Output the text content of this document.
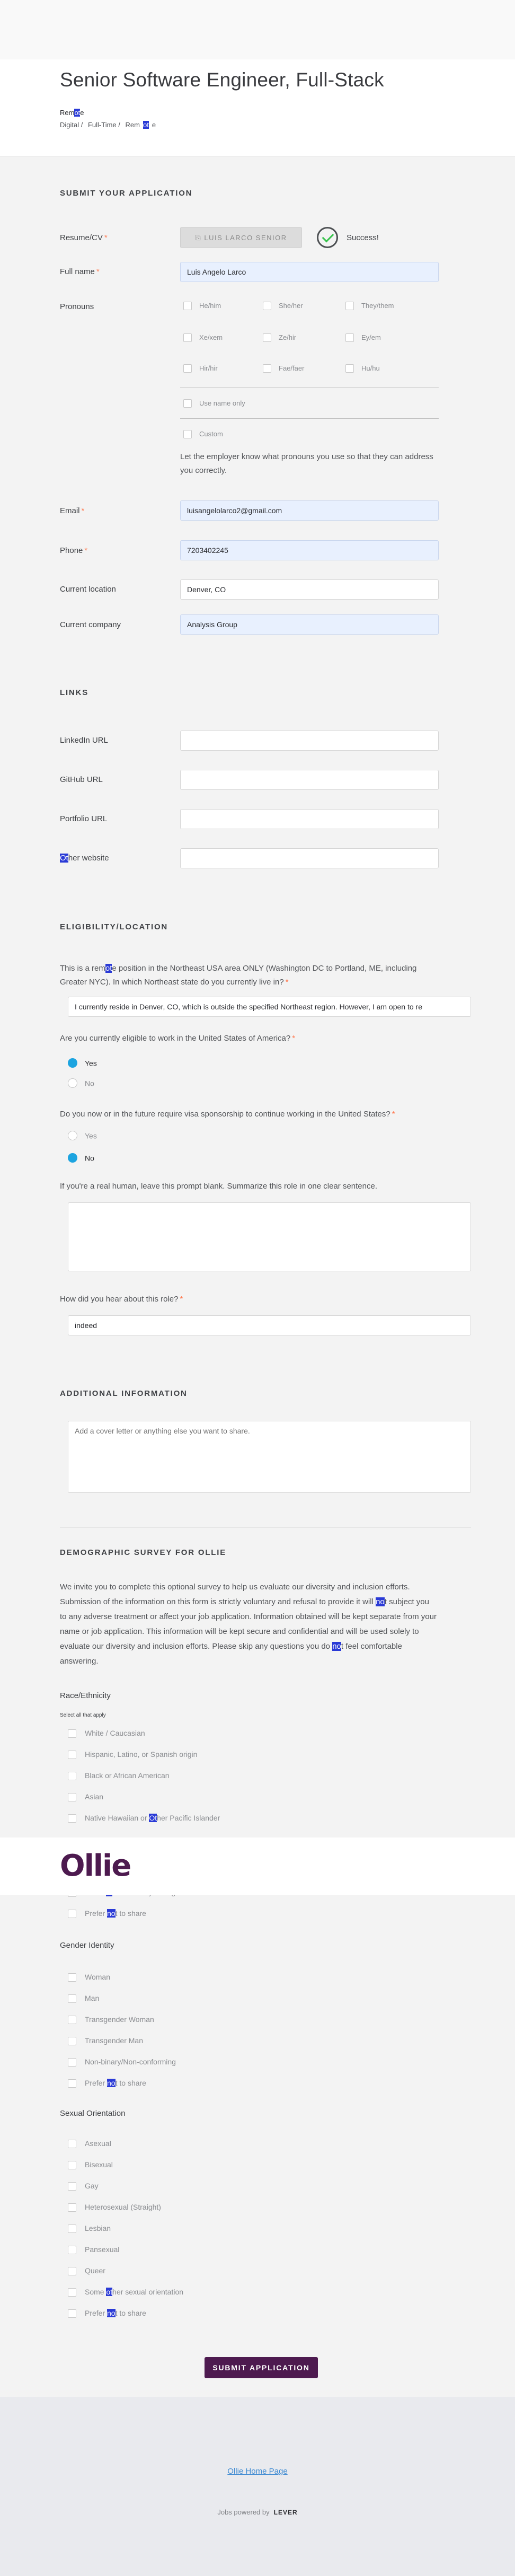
Senior Software Engineer, Full-Stack
Remote
Digital / Full-Time / Rem ot e
SUBMIT YOUR APPLICATION
Resume/CV *	⎘ LUIS LARCO SENIOR	Success!
Full name *
Luis Angelo Larco
Pronouns	He/him	She/her	They/them
Xe/xem	Ze/hir	Ey/em
Hir/hir	Fae/faer	Hu/hu
Use name only
Custom
Let the employer know what pronouns you use so that they can address you correctly.
Email *
luisangelolarco2@gmail.com
Phone *
7203402245
Current location
Denver, CO
Current company
Analysis Group
LINKS
LinkedIn URL
GitHub URL
Portfolio URL
Other website
ELIGIBILITY/LOCATION
This is a remote position in the Northeast USA area ONLY (Washington DC to Portland, ME, including
Greater NYC). In which Northeast state do you currently live in? *
I currently reside in Denver, CO, which is outside the specified Northeast region. However, I am open to re
Are you currently eligible to work in the United States of America? *
Yes
No
Do you now or in the future require visa sponsorship to continue working in the United States? *
Yes
No
If you're a real human, leave this prompt blank. Summarize this role in one clear sentence.
How did you hear about this role? *
indeed
ADDITIONAL INFORMATION
Add a cover letter or anything else you want to share.
DEMOGRAPHIC SURVEY FOR OLLIE
We invite you to complete this optional survey to help us evaluate our diversity and inclusion efforts.
Submission of the information on this form is strictly voluntary and refusal to provide it will not subject you
to any adverse treatment or affect your job application. Information obtained will be kept separate from your
name or job application. This information will be kept secure and confidential and will be used solely to
evaluate our diversity and inclusion efforts. Please skip any questions you do not feel comfortable
answering.
Race/Ethnicity
Select all that apply
White / Caucasian
Hispanic, Latino, or Spanish origin
Black or African American
Asian
Native Hawaiian or Other Pacific Islander
Prefer not to share
Ollie
Gender Identity
Woman
Man
Transgender Woman
Transgender Man
Non-binary/Non-conforming
Prefer not to share
Sexual Orientation
Asexual
Bisexual
Gay
Heterosexual (Straight)
Lesbian
Pansexual
Queer
Some other sexual orientation
Prefer not to share
SUBMIT APPLICATION
Ollie Home Page
Jobs powered by LEVER
